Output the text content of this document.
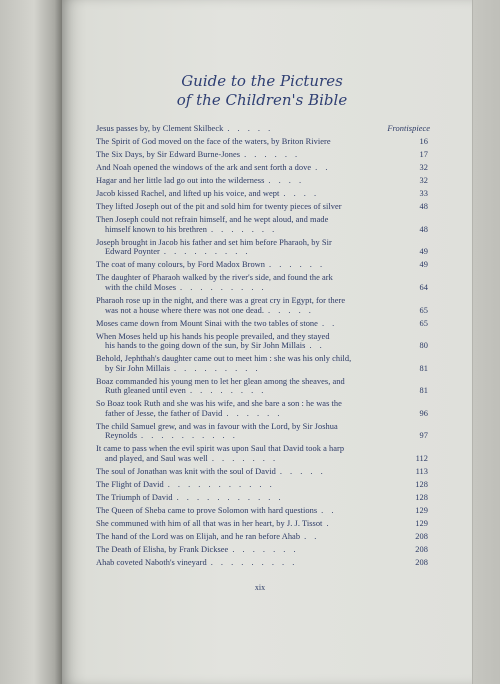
Guide to the Pictures
of the Children's Bible
Jesus passes by, by Clement Skilbeck . . . . .	Frontispiece
The Spirit of God moved on the face of the waters, by Briton Riviere	16
The Six Days, by Sir Edward Burne-Jones . . . . . .	17
And Noah opened the windows of the ark and sent forth a dove . .	32
Hagar and her little lad go out into the wilderness . . . .	32
Jacob kissed Rachel, and lifted up his voice, and wept . . . .	33
They lifted Joseph out of the pit and sold him for twenty pieces of silver	48
Then Joseph could not refrain himself, and he wept aloud, and made
himself known to his brethren . . . . . . .	48
Joseph brought in Jacob his father and set him before Pharaoh, by Sir
Edward Poynter . . . . . . . . .	49
The coat of many colours, by Ford Madox Brown . . . . . .	49
The daughter of Pharaoh walked by the river's side, and found the ark
with the child Moses . . . . . . . . .	64
Pharaoh rose up in the night, and there was a great cry in Egypt, for there
was not a house where there was not one dead. . . . . .	65
Moses came down from Mount Sinai with the two tables of stone . .	65
When Moses held up his hands his people prevailed, and they stayed
his hands to the going down of the sun, by Sir John Millais . .	80
Behold, Jephthah's daughter came out to meet him : she was his only child,
by Sir John Millais . . . . . . . . .	81
Boaz commanded his young men to let her glean among the sheaves, and
Ruth gleaned until even . . . . . . . .	81
So Boaz took Ruth and she was his wife, and she bare a son : he was the
father of Jesse, the father of David . . . . . .	96
The child Samuel grew, and was in favour with the Lord, by Sir Joshua
Reynolds . . . . . . . . . .	97
It came to pass when the evil spirit was upon Saul that David took a harp
and played, and Saul was well . . . . . . .	112
The soul of Jonathan was knit with the soul of David . . . . .	113
The Flight of David . . . . . . . . . . .	128
The Triumph of David . . . . . . . . . . .	128
The Queen of Sheba came to prove Solomon with hard questions . .	129
She communed with him of all that was in her heart, by J. J. Tissot .	129
The hand of the Lord was on Elijah, and he ran before Ahab . .	208
The Death of Elisha, by Frank Dicksee . . . . . . .	208
Ahab coveted Naboth's vineyard . . . . . . . . .	208
xix
